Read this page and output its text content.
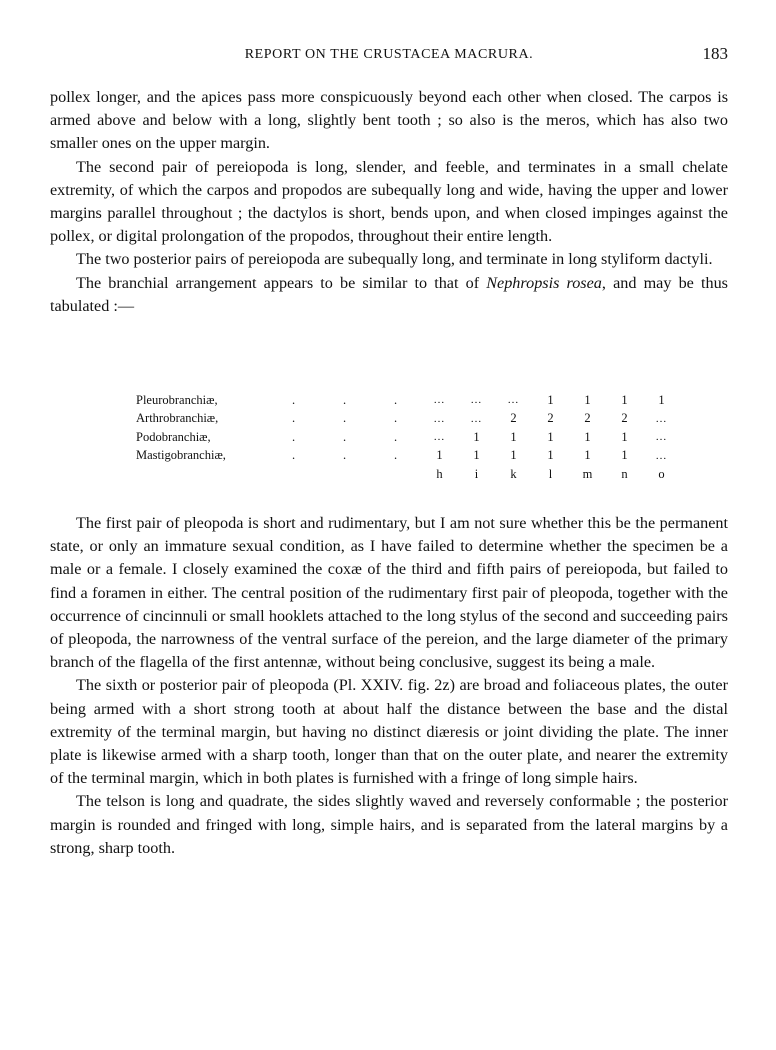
REPORT ON THE CRUSTACEA MACRURA.	183

pollex longer, and the apices pass more conspicuously beyond each other when closed. The carpos is armed above and below with a long, slightly bent tooth ; so also is the meros, which has also two smaller ones on the upper margin.

The second pair of pereiopoda is long, slender, and feeble, and terminates in a small chelate extremity, of which the carpos and propodos are subequally long and wide, having the upper and lower margins parallel throughout ; the dactylos is short, bends upon, and when closed impinges against the pollex, or digital prolongation of the propodos, throughout their entire length.

The two posterior pairs of pereiopoda are subequally long, and terminate in long styliform dactyli.

The branchial arrangement appears to be similar to that of Nephropsis rosea, and may be thus tabulated :—

Pleurobranchiæ,	.	.	.	...	...	...	1	1	1	1
Arthrobranchiæ,	.	.	.	...	...	2	2	2	2	...
Podobranchiæ,	.	.	.	...	1	1	1	1	1	...
Mastigobranchiæ,	.	.	.	1	1	1	1	1	1	...
				h	i	k	l	m	n	o

The first pair of pleopoda is short and rudimentary, but I am not sure whether this be the permanent state, or only an immature sexual condition, as I have failed to determine whether the specimen be a male or a female. I closely examined the coxæ of the third and fifth pairs of pereiopoda, but failed to find a foramen in either. The central position of the rudimentary first pair of pleopoda, together with the occurrence of cincinnuli or small hooklets attached to the long stylus of the second and succeeding pairs of pleopoda, the narrowness of the ventral surface of the pereion, and the large diameter of the primary branch of the flagella of the first antennæ, without being conclusive, suggest its being a male.

The sixth or posterior pair of pleopoda (Pl. XXIV. fig. 2z) are broad and foliaceous plates, the outer being armed with a short strong tooth at about half the distance between the base and the distal extremity of the terminal margin, but having no distinct diæresis or joint dividing the plate. The inner plate is likewise armed with a sharp tooth, longer than that on the outer plate, and nearer the extremity of the terminal margin, which in both plates is furnished with a fringe of long simple hairs.

The telson is long and quadrate, the sides slightly waved and reversely conformable ; the posterior margin is rounded and fringed with long, simple hairs, and is separated from the lateral margins by a strong, sharp tooth.
